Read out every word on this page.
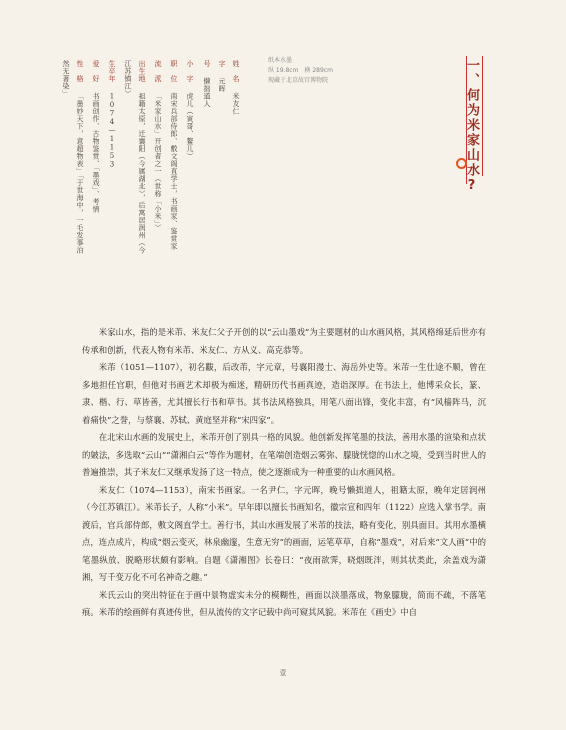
姓　名米友仁
字元晖
号懒拙道人
小　字虎儿（寅哥、鳌儿）
职　位南宋兵部侍郎、敷文阁直学士，书画家、鉴赏家
流　派「米家山水」开创者之一（世称「小米」）
出生地祖籍太原，迁襄阳（今属湖北），后寓居润州（今
江苏镇江）
生卒年1074—1153
爱　好书画创作、古物鉴赏、「墨戏」、考情
性　格「墨妙天下，意超物表」「于世海中，一毛发事泊
然无著染」	纸本水墨
纵 19.8cm　横 289cm
现藏于北京故宫博物院	一、何为米家山水?

米家山水，指的是米芾、米友仁父子开创的以“云山墨戏”为主要题材的山水画风格，其风格绵延后世亦有传承和创新，代表人物有米芾、米友仁、方从义、高克恭等。

米芾（1051—1107），初名黻，后改芾，字元章，号襄阳漫士、海岳外史等。米芾一生仕途不顺，曾在多地担任官职，但他对书画艺术却极为痴迷，精研历代书画真迹，造诣深厚。在书法上，他博采众长，篆、隶、楷、行、草皆善，尤其擅长行书和草书。其书法风格独具，用笔八面出锋，变化丰富，有“风樯阵马，沉着痛快”之誉，与蔡襄、苏轼、黄庭坚并称“宋四家”。

在北宋山水画的发展史上，米芾开创了别具一格的风貌。他创新发挥笔墨的技法，善用水墨的渲染和点状的皴法，多选取“云山”“潇湘白云”等作为题材，在笔端创造烟云雾弥、朦胧恍惚的山水之境，受到当时世人的普遍推崇，其子米友仁又继承发扬了这一特点，使之逐渐成为一种重要的山水画风格。

米友仁（1074—1153），南宋书画家。一名尹仁，字元晖，晚号懒拙道人，祖籍太原，晚年定居润州（今江苏镇江）。米芾长子，人称“小米”。早年即以擅长书画知名，徽宗宣和四年（1122）应选入掌书学。南渡后，官兵部侍郎，敷文阁直学士。善行书，其山水画发展了米芾的技法，略有变化，别具面目。其用水墨横点，连点成片，构成“烟云变灭，林泉幽邃，生意无穷”的画面，运笔草草，自称“墨戏”，对后来“文人画”中的笔墨纵放、脱略形状颇有影响。自题《潇湘图》长卷曰：“夜雨欲霁，晓烟既泮，则其状类此，余盖戏为潇湘，写千变万化不可名神奇之趣。”

米氏云山的突出特征在于画中景物虚实未分的模糊性，画面以淡墨落成，物象朦胧，简而不疏，不落笔痕。米芾的绘画鲜有真迹传世，但从流传的文字记载中尚可窥其风貌。米芾在《画史》中自

壹
